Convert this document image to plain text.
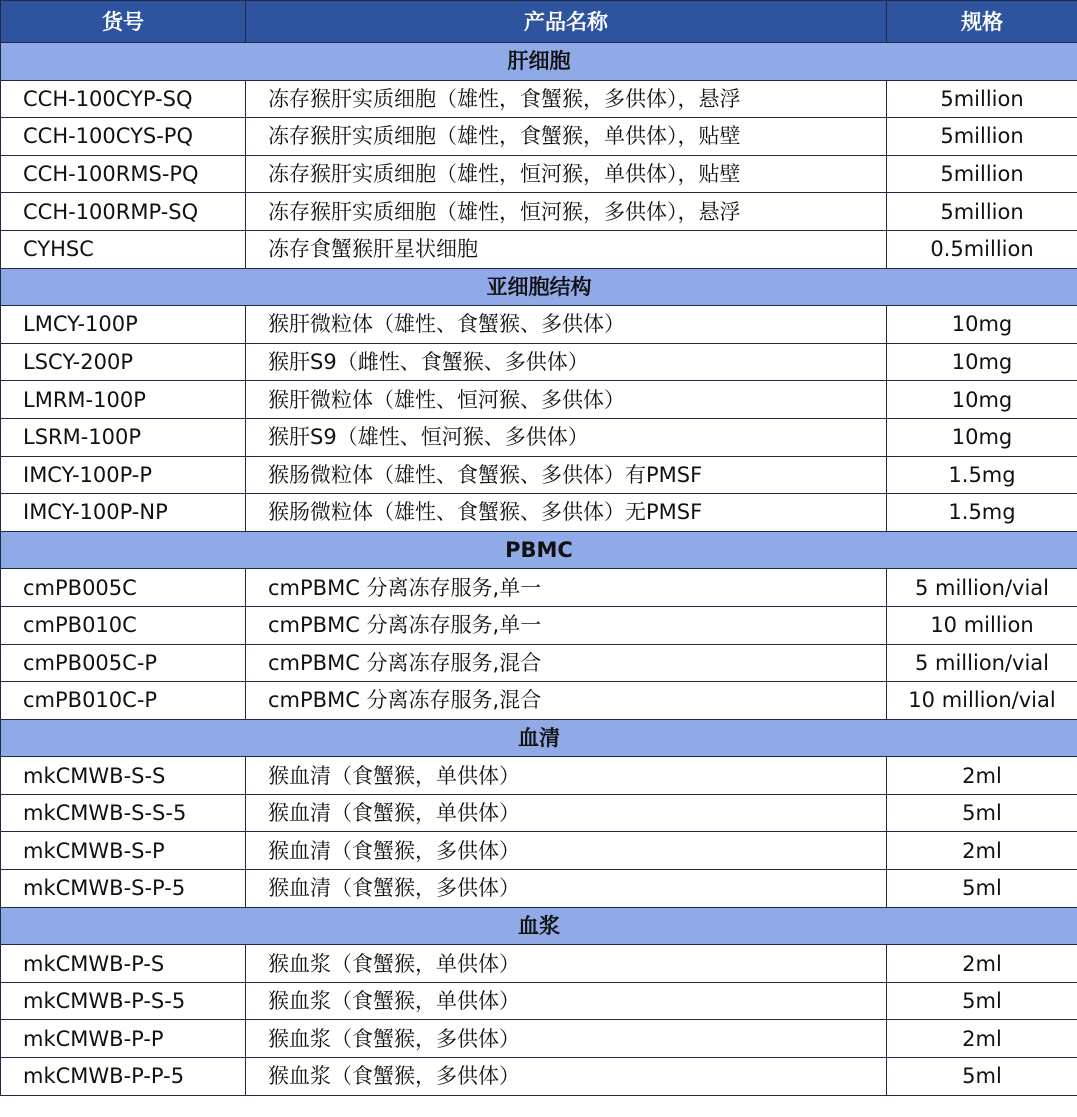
货号	产品名称	规格
肝细胞		
CCH-100CYP-SQ	冻存猴肝实质细胞（雄性，食蟹猴，多供体），悬浮	5million
CCH-100CYS-PQ	冻存猴肝实质细胞（雄性，食蟹猴，单供体），贴壁	5million
CCH-100RMS-PQ	冻存猴肝实质细胞（雄性，恒河猴，单供体），贴壁	5million
CCH-100RMP-SQ	冻存猴肝实质细胞（雄性，恒河猴，多供体），悬浮	5million
CYHSC	冻存食蟹猴肝星状细胞	0.5million
亚细胞结构		
LMCY-100P	猴肝微粒体（雄性、食蟹猴、多供体）	10mg
LSCY-200P	猴肝S9（雌性、食蟹猴、多供体）	10mg
LMRM-100P	猴肝微粒体（雄性、恒河猴、多供体）	10mg
LSRM-100P	猴肝S9（雄性、恒河猴、多供体）	10mg
IMCY-100P-P	猴肠微粒体（雄性、食蟹猴、多供体）有PMSF	1.5mg
IMCY-100P-NP	猴肠微粒体（雄性、食蟹猴、多供体）无PMSF	1.5mg
PBMC		
cmPB005C	cmPBMC 分离冻存服务,单一	5 million/vial
cmPB010C	cmPBMC 分离冻存服务,单一	10 million
cmPB005C-P	cmPBMC 分离冻存服务,混合	5 million/vial
cmPB010C-P	cmPBMC 分离冻存服务,混合	10 million/vial
血清		
mkCMWB-S-S	猴血清（食蟹猴，单供体）	2ml
mkCMWB-S-S-5	猴血清（食蟹猴，单供体）	5ml
mkCMWB-S-P	猴血清（食蟹猴，多供体）	2ml
mkCMWB-S-P-5	猴血清（食蟹猴，多供体）	5ml
血浆		
mkCMWB-P-S	猴血浆（食蟹猴，单供体）	2ml
mkCMWB-P-S-5	猴血浆（食蟹猴，单供体）	5ml
mkCMWB-P-P	猴血浆（食蟹猴，多供体）	2ml
mkCMWB-P-P-5	猴血浆（食蟹猴，多供体）	5ml
